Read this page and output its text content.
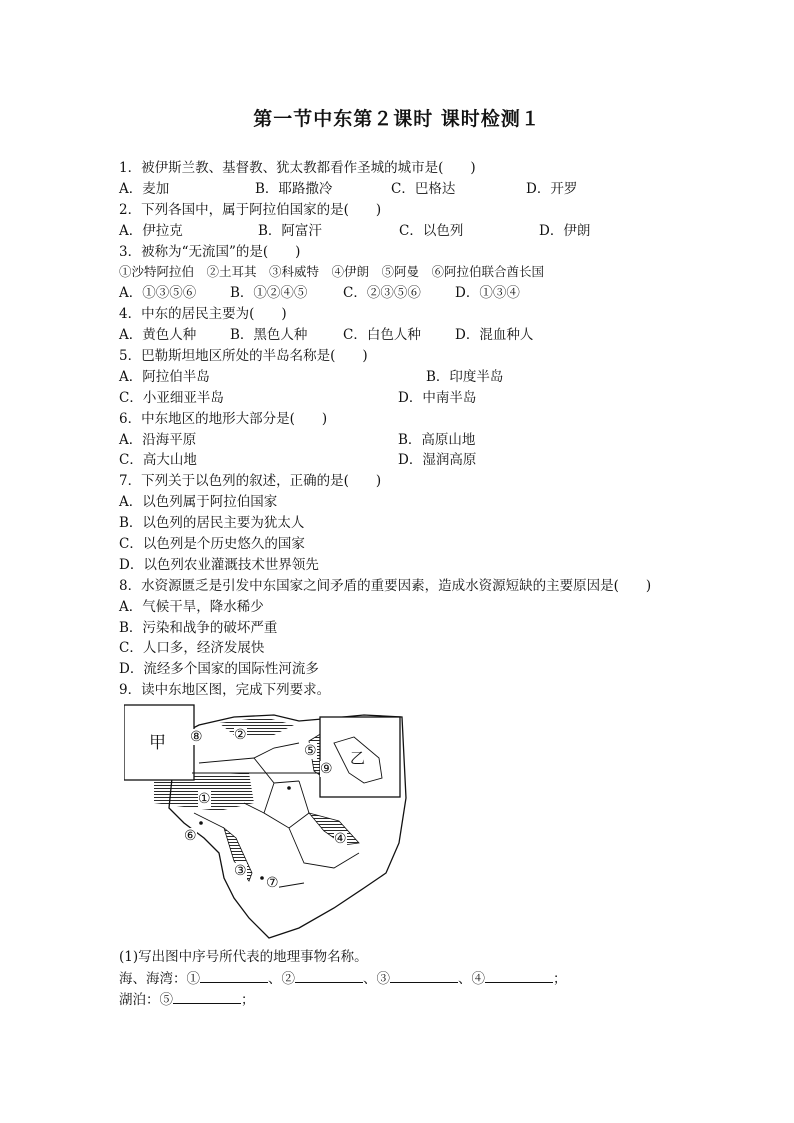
第一节中东第２课时 课时检测１
1．被伊斯兰教、基督教、犹太教都看作圣城的城市是(　　)
A．麦加	B．耶路撒冷	C．巴格达	D．开罗
2．下列各国中，属于阿拉伯国家的是(　　)
A．伊拉克	B．阿富汗	C．以色列	D．伊朗
3．被称为“无流国”的是(　　)
①沙特阿拉伯　②土耳其　③科威特　④伊朗　⑤阿曼　⑥阿拉伯联合酋长国
A．①③⑤⑥	B．①②④⑤	C．②③⑤⑥	D．①③④
4．中东的居民主要为(　　)
A．黄色人种	B．黑色人种	C．白色人种	D．混血种人
5．巴勒斯坦地区所处的半岛名称是(　　)
A．阿拉伯半岛	B．印度半岛
C．小亚细亚半岛	D．中南半岛
6．中东地区的地形大部分是(　　)
A．沿海平原	B．高原山地
C．高大山地	D．湿润高原
7．下列关于以色列的叙述，正确的是(　　)
A．以色列属于阿拉伯国家
B．以色列的居民主要为犹太人
C．以色列是个历史悠久的国家
D．以色列农业灌溉技术世界领先
8．水资源匮乏是引发中东国家之间矛盾的重要因素，造成水资源短缺的主要原因是(　　)
A．气候干旱，降水稀少
B．污染和战争的破坏严重
C．人口多，经济发展快
D．流经多个国家的国际性河流多
9．读中东地区图，完成下列要求。
甲
乙
①
②
③
④
⑤
⑥
⑦
⑧
⑨
(1)写出图中序号所代表的地理事物名称。
海、海湾：①	、②	、③	、④	；
湖泊：⑤	；
